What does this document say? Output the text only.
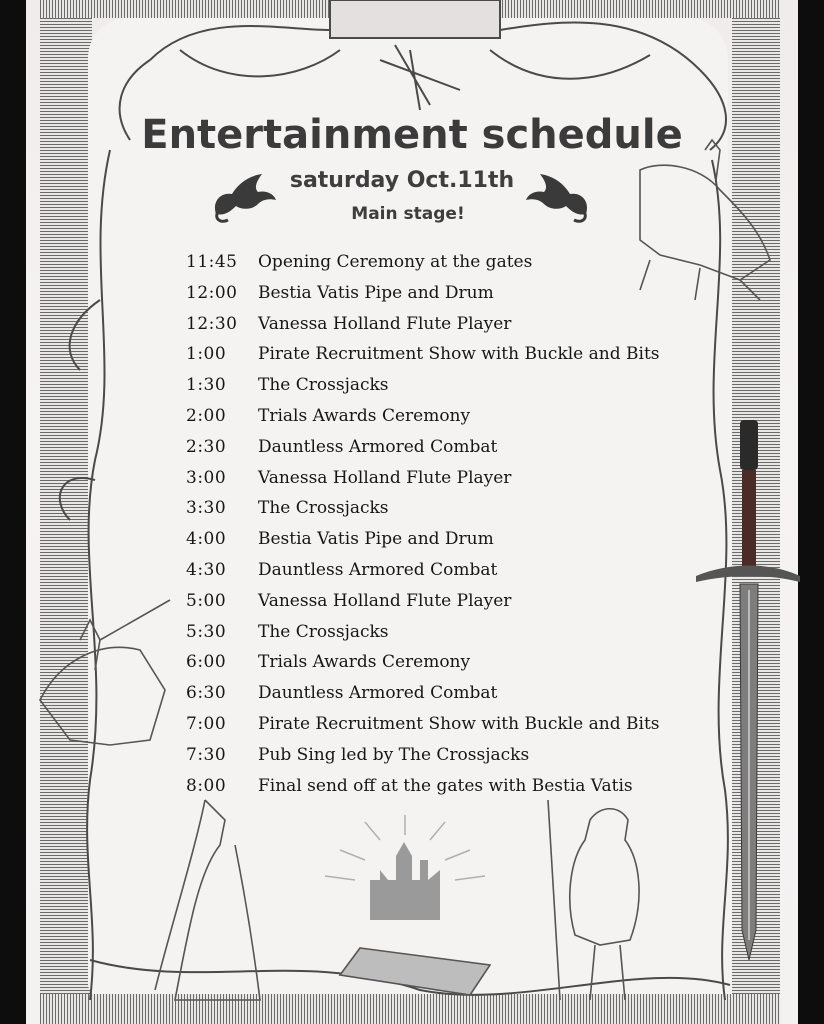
Entertainment schedule
saturday Oct.11th
Main stage!
11:45	Opening Ceremony at the gates
12:00	Bestia Vatis Pipe and Drum
12:30	Vanessa Holland Flute Player
1:00	Pirate Recruitment Show with Buckle and Bits
1:30	The Crossjacks
2:00	Trials Awards Ceremony
2:30	Dauntless Armored Combat
3:00	Vanessa Holland Flute Player
3:30	The Crossjacks
4:00	Bestia Vatis Pipe and Drum
4:30	Dauntless Armored Combat
5:00	Vanessa Holland Flute Player
5:30	The Crossjacks
6:00	Trials Awards Ceremony
6:30	Dauntless Armored Combat
7:00	Pirate Recruitment Show with Buckle and Bits
7:30	Pub Sing led by The Crossjacks
8:00	Final send off at the gates with Bestia Vatis
